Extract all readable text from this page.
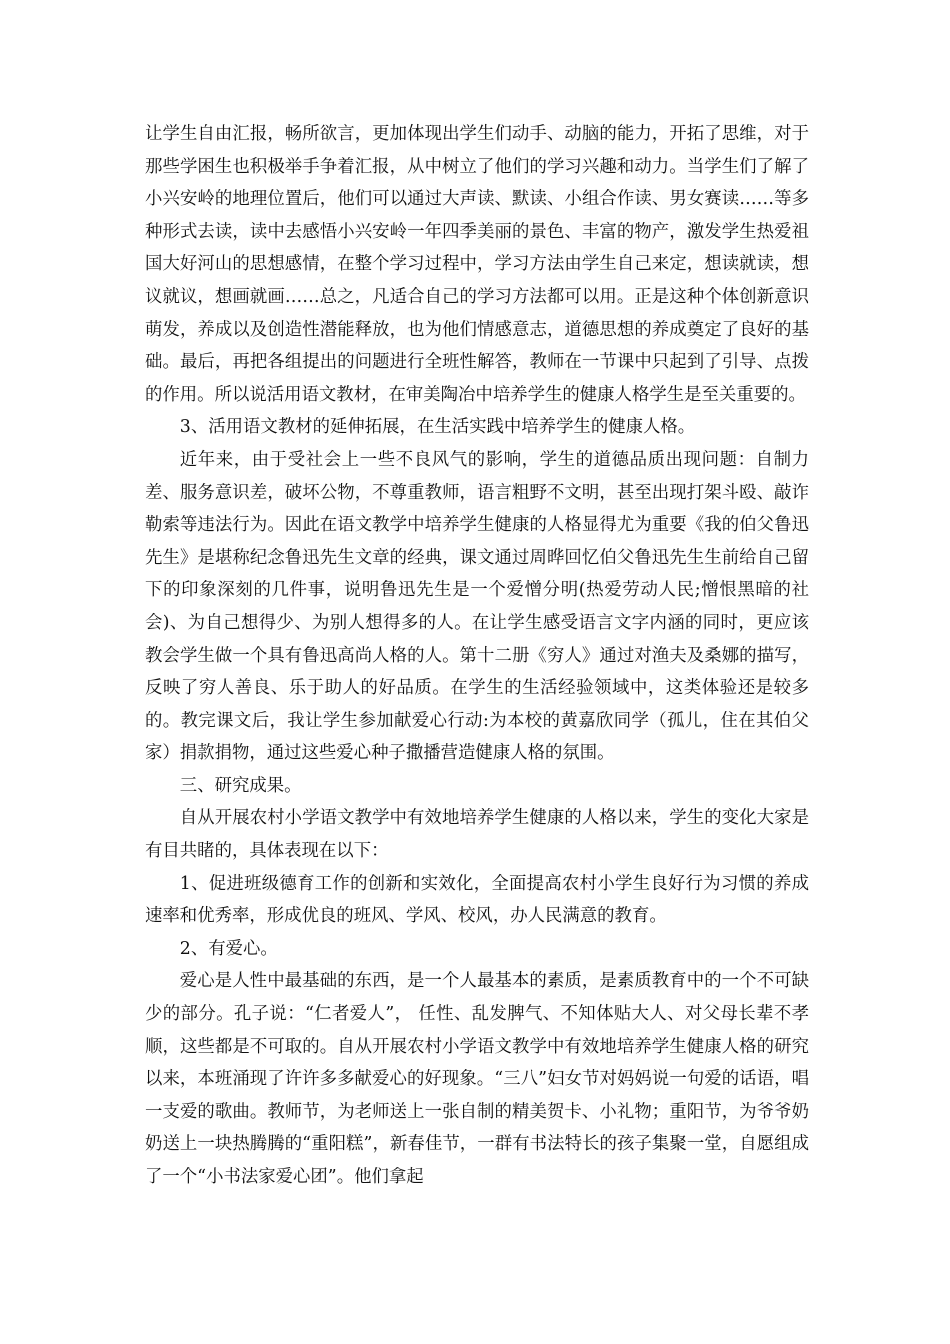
让学生自由汇报，畅所欲言，更加体现出学生们动手、动脑的能力，开拓了思维，对于那些学困生也积极举手争着汇报，从中树立了他们的学习兴趣和动力。当学生们了解了小兴安岭的地理位置后，他们可以通过大声读、默读、小组合作读、男女赛读……等多种形式去读，读中去感悟小兴安岭一年四季美丽的景色、丰富的物产，激发学生热爱祖国大好河山的思想感情，在整个学习过程中，学习方法由学生自己来定，想读就读，想议就议，想画就画……总之，凡适合自己的学习方法都可以用。正是这种个体创新意识萌发，养成以及创造性潜能释放，也为他们情感意志，道德思想的养成奠定了良好的基础。最后，再把各组提出的问题进行全班性解答，教师在一节课中只起到了引导、点拨的作用。所以说活用语文教材，在审美陶冶中培养学生的健康人格学生是至关重要的。

3、活用语文教材的延伸拓展，在生活实践中培养学生的健康人格。

近年来，由于受社会上一些不良风气的影响，学生的道德品质出现问题：自制力差、服务意识差，破坏公物，不尊重教师，语言粗野不文明，甚至出现打架斗殴、敲诈勒索等违法行为。因此在语文教学中培养学生健康的人格显得尤为重要《我的伯父鲁迅先生》是堪称纪念鲁迅先生文章的经典，课文通过周晔回忆伯父鲁迅先生生前给自己留下的印象深刻的几件事，说明鲁迅先生是一个爱憎分明(热爱劳动人民;憎恨黑暗的社会)、为自己想得少、为别人想得多的人。在让学生感受语言文字内涵的同时，更应该教会学生做一个具有鲁迅高尚人格的人。第十二册《穷人》通过对渔夫及桑娜的描写，反映了穷人善良、乐于助人的好品质。在学生的生活经验领域中，这类体验还是较多的。教完课文后，我让学生参加献爱心行动:为本校的黄嘉欣同学（孤儿，住在其伯父家）捐款捐物，通过这些爱心种子撒播营造健康人格的氛围。

三、研究成果。

自从开展农村小学语文教学中有效地培养学生健康的人格以来，学生的变化大家是有目共睹的，具体表现在以下：

1、促进班级德育工作的创新和实效化，全面提高农村小学生良好行为习惯的养成速率和优秀率，形成优良的班风、学风、校风，办人民满意的教育。

2、有爱心。

爱心是人性中最基础的东西，是一个人最基本的素质，是素质教育中的一个不可缺少的部分。孔子说：“仁者爱人”， 任性、乱发脾气、不知体贴大人、对父母长辈不孝顺，这些都是不可取的。自从开展农村小学语文教学中有效地培养学生健康人格的研究以来，本班涌现了许许多多献爱心的好现象。“三八”妇女节对妈妈说一句爱的话语，唱一支爱的歌曲。教师节，为老师送上一张自制的精美贺卡、小礼物；重阳节，为爷爷奶奶送上一块热腾腾的“重阳糕”，新春佳节，一群有书法特长的孩子集聚一堂，自愿组成了一个“小书法家爱心团”。他们拿起
